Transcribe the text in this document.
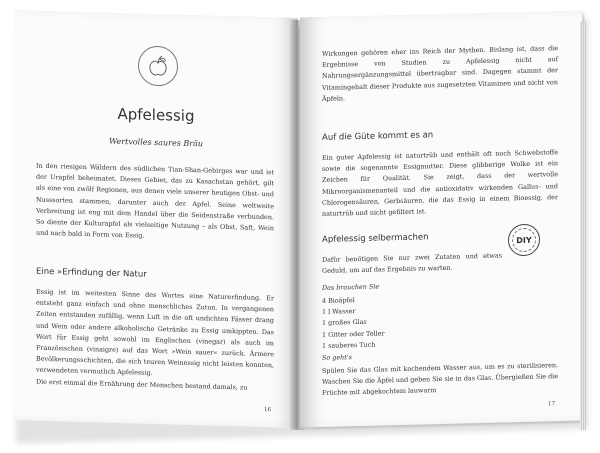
Apfelessig
Wertvolles saures Bräu
In den riesigen Wäldern des südlichen Tian-Shan-Gebirges war und ist der Urapfel beheimatet. Dieses Gebiet, das zu Kasachstan gehört, gilt als eine von zwölf Regionen, aus denen viele unserer heutigen Obst- und Nusssorten stammen, darunter auch der Apfel. Seine weltweite Verbreitung ist eng mit dem Handel über die Seidenstraße verbunden. So diente der Kulturapfel als vielseitige Nutzung – als Obst, Saft, Wein und nach bald in Form von Essig.
Eine »Erfindung der Natur
Essig ist im weitesten Sinne des Wortes eine Naturerfindung. Er entsteht ganz einfach und ohne menschliches Zutun. In vergangenen Zeiten entstanden zufällig, wenn Luft in die oft undichten Fässer drang und Wein oder andere alkoholische Getränke zu Essig umkippten. Das Wort für Essig geht sowohl im Englischen (vinegar) als auch im Französischen (vinaigre) auf das Wort »Wein sauer« zurück. Ärmere Bevölkerungsschichten, die sich teuren Weinessig nicht leisten konnten, verwendeten vermutlich Apfelessig.
Die erst einmal die Ernährung der Menschen bestand damals, zu
16
Wirkungen gehören eher ins Reich der Mythen. Bislang ist, dass die Ergebnisse von Studien zu Apfelessig nicht auf Nahrungsergänzungsmittel übertragbar sind. Dagegen stammt der Vitamingehalt dieser Produkte aus zugesetzten Vitaminen und nicht von Äpfeln.
Auf die Güte kommt es an
Ein guter Apfelessig ist naturtrüb und enthält oft noch Schwebstoffe sowie die sogenannte Essigmutter. Diese glibberige Wolke ist ein Zeichen für Qualität. Sie zeigt, dass der wertvolle Mikroorganismenanteil und die antioxidativ wirkenden Gallus- und Chlorogensäuren, Gerbsäuren, die das Essig in einem Bioessig, der naturtrüb und nicht gefiltert ist.
Apfelessig selbermachen	DIY
Dafür benötigen Sie nur zwei Zutaten und etwas Geduld, um auf das Ergebnis zu warten.
Das brauchen Sie
4 Bioäpfel
1 l Wasser
1 großes Glas
1 Gitter oder Teller
1 sauberes Tuch
So geht's
Spülen Sie das Glas mit kochendem Wasser aus, um es zu sterilisieren. Waschen Sie die Äpfel und geben Sie sie in das Glas. Übergießen Sie die Früchte mit abgekochtem lauwarm
17
